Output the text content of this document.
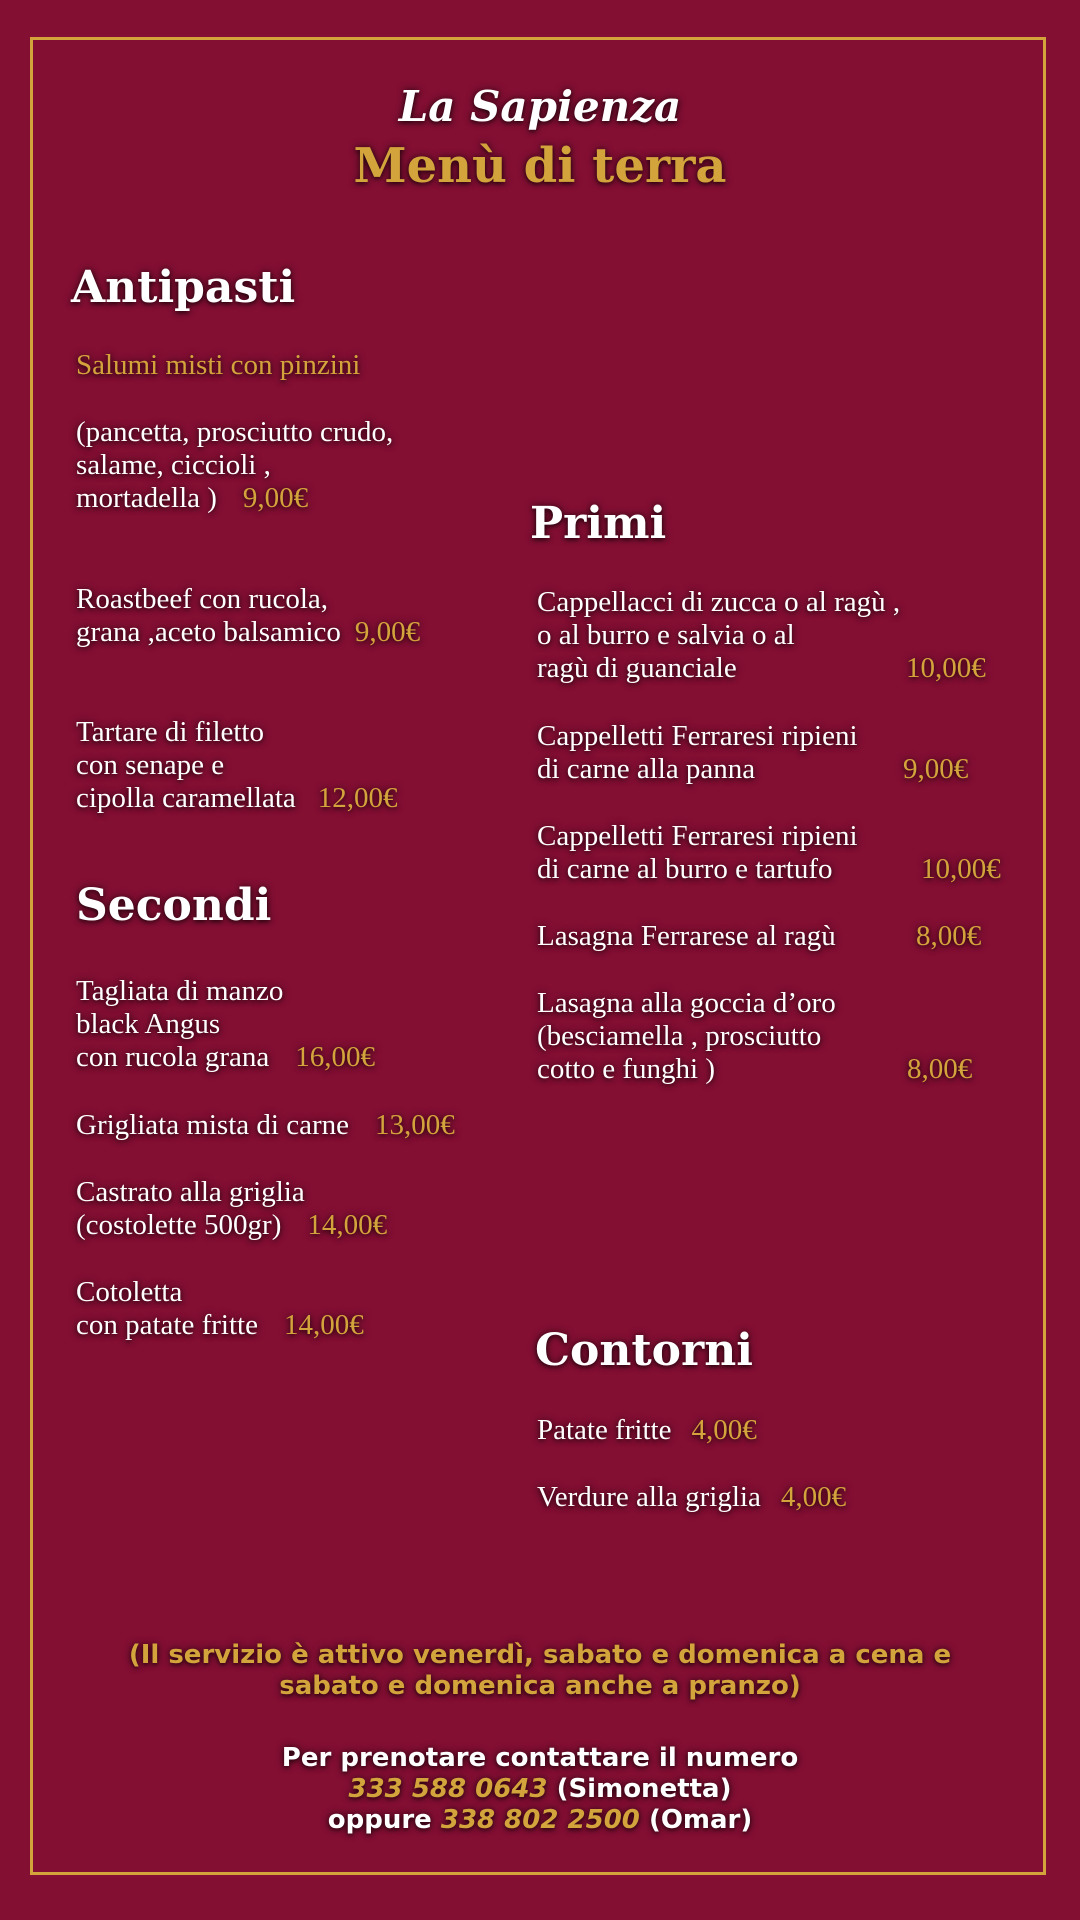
La Sapienza
Menù di terra
Antipasti
Salumi misti con pinzini
(pancetta, prosciutto crudo,
salame, ciccioli ,
mortadella ) 9,00€
Roastbeef con rucola,
grana ,aceto balsamico 9,00€
Tartare di filetto
con senape e
cipolla caramellata 12,00€
Secondi
Tagliata di manzo
black Angus
con rucola grana 16,00€
Grigliata mista di carne 13,00€
Castrato alla griglia
(costolette 500gr) 14,00€
Cotoletta
con patate fritte 14,00€
Primi
Cappellacci di zucca o al ragù ,
o al burro e salvia o al
ragù di guanciale	10,00€
Cappelletti Ferraresi ripieni
di carne alla panna	9,00€
Cappelletti Ferraresi ripieni
di carne al burro e tartufo	10,00€
Lasagna Ferrarese al ragù	8,00€
Lasagna alla goccia d’oro
(besciamella , prosciutto
cotto e funghi )	8,00€
Contorni
Patate fritte 4,00€
Verdure alla griglia 4,00€
(Il servizio è attivo venerdì, sabato e domenica a cena e
sabato e domenica anche a pranzo)
Per prenotare contattare il numero
333 588 0643 (Simonetta)
oppure 338 802 2500 (Omar)
